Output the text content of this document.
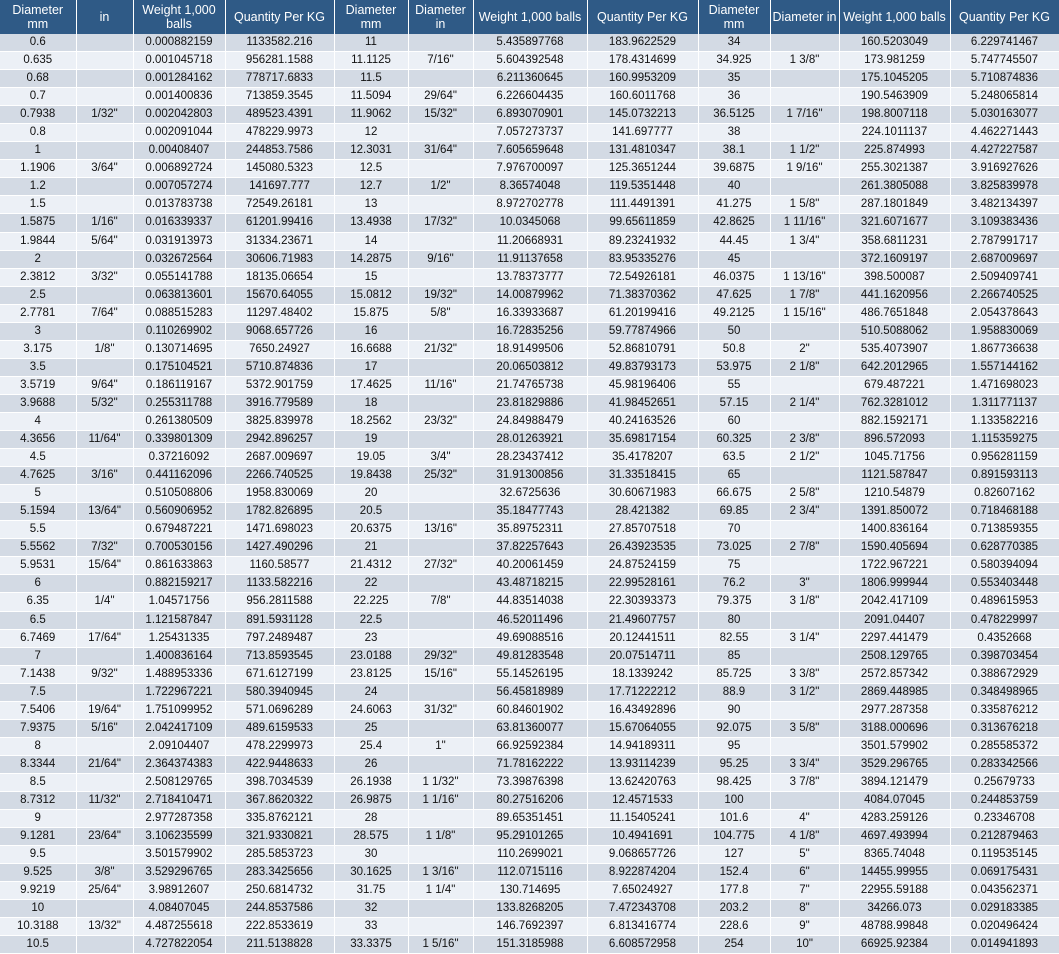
Diameter mm	in	Weight 1,000 balls	Quantity Per KG	Diameter mm	Diameter in	Weight 1,000 balls	Quantity Per KG	Diameter mm	Diameter in	Weight 1,000 balls	Quantity Per KG
0.6		0.000882159	1133582.216	11		5.435897768	183.9622529	34		160.5203049	6.229741467
0.635		0.001045718	956281.1588	11.1125	7/16"	5.604392548	178.4314699	34.925	1 3/8"	173.981259	5.747745507
0.68		0.001284162	778717.6833	11.5		6.211360645	160.9953209	35		175.1045205	5.710874836
0.7		0.001400836	713859.3545	11.5094	29/64"	6.226604435	160.6011768	36		190.5463909	5.248065814
0.7938	1/32"	0.002042803	489523.4391	11.9062	15/32"	6.893070901	145.0732213	36.5125	1 7/16"	198.8007118	5.030163077
0.8		0.002091044	478229.9973	12		7.057273737	141.697777	38		224.1011137	4.462271443
1		0.00408407	244853.7586	12.3031	31/64"	7.605659648	131.4810347	38.1	1 1/2"	225.874993	4.427227587
1.1906	3/64"	0.006892724	145080.5323	12.5		7.976700097	125.3651244	39.6875	1 9/16"	255.3021387	3.916927626
1.2		0.007057274	141697.777	12.7	1/2"	8.36574048	119.5351448	40		261.3805088	3.825839978
1.5		0.013783738	72549.26181	13		8.972702778	111.4491391	41.275	1 5/8"	287.1801849	3.482134397
1.5875	1/16"	0.016339337	61201.99416	13.4938	17/32"	10.0345068	99.65611859	42.8625	1 11/16"	321.6071677	3.109383436
1.9844	5/64"	0.031913973	31334.23671	14		11.20668931	89.23241932	44.45	1 3/4"	358.6811231	2.787991717
2		0.032672564	30606.71983	14.2875	9/16"	11.91137658	83.95335276	45		372.1609197	2.687009697
2.3812	3/32"	0.055141788	18135.06654	15		13.78373777	72.54926181	46.0375	1 13/16"	398.500087	2.509409741
2.5		0.063813601	15670.64055	15.0812	19/32"	14.00879962	71.38370362	47.625	1 7/8"	441.1620956	2.266740525
2.7781	7/64"	0.088515283	11297.48402	15.875	5/8"	16.33933687	61.20199416	49.2125	1 15/16"	486.7651848	2.054378643
3		0.110269902	9068.657726	16		16.72835256	59.77874966	50		510.5088062	1.958830069
3.175	1/8"	0.130714695	7650.24927	16.6688	21/32"	18.91499506	52.86810791	50.8	2"	535.4073907	1.867736638
3.5		0.175104521	5710.874836	17		20.06503812	49.83793173	53.975	2 1/8"	642.2012965	1.557144162
3.5719	9/64"	0.186119167	5372.901759	17.4625	11/16"	21.74765738	45.98196406	55		679.487221	1.471698023
3.9688	5/32"	0.255311788	3916.779589	18		23.81829886	41.98452651	57.15	2 1/4"	762.3281012	1.311771137
4		0.261380509	3825.839978	18.2562	23/32"	24.84988479	40.24163526	60		882.1592171	1.133582216
4.3656	11/64"	0.339801309	2942.896257	19		28.01263921	35.69817154	60.325	2 3/8"	896.572093	1.115359275
4.5		0.37216092	2687.009697	19.05	3/4"	28.23437412	35.4178207	63.5	2 1/2"	1045.71756	0.956281159
4.7625	3/16"	0.441162096	2266.740525	19.8438	25/32"	31.91300856	31.33518415	65		1121.587847	0.891593113
5		0.510508806	1958.830069	20		32.6725636	30.60671983	66.675	2 5/8"	1210.54879	0.82607162
5.1594	13/64"	0.560906952	1782.826895	20.5		35.18477743	28.421382	69.85	2 3/4"	1391.850072	0.718468188
5.5		0.679487221	1471.698023	20.6375	13/16"	35.89752311	27.85707518	70		1400.836164	0.713859355
5.5562	7/32"	0.700530156	1427.490296	21		37.82257643	26.43923535	73.025	2 7/8"	1590.405694	0.628770385
5.9531	15/64"	0.861633863	1160.58577	21.4312	27/32"	40.20061459	24.87524159	75		1722.967221	0.580394094
6		0.882159217	1133.582216	22		43.48718215	22.99528161	76.2	3"	1806.999944	0.553403448
6.35	1/4"	1.04571756	956.2811588	22.225	7/8"	44.83514038	22.30393373	79.375	3 1/8"	2042.417109	0.489615953
6.5		1.121587847	891.5931128	22.5		46.52011496	21.49607757	80		2091.04407	0.478229997
6.7469	17/64"	1.25431335	797.2489487	23		49.69088516	20.12441511	82.55	3 1/4"	2297.441479	0.4352668
7		1.400836164	713.8593545	23.0188	29/32"	49.81283548	20.07514711	85		2508.129765	0.398703454
7.1438	9/32"	1.488953336	671.6127199	23.8125	15/16"	55.14526195	18.1339242	85.725	3 3/8"	2572.857342	0.388672929
7.5		1.722967221	580.3940945	24		56.45818989	17.71222212	88.9	3 1/2"	2869.448985	0.348498965
7.5406	19/64"	1.751099952	571.0696289	24.6063	31/32"	60.84601902	16.43492896	90		2977.287358	0.335876212
7.9375	5/16"	2.042417109	489.6159533	25		63.81360077	15.67064055	92.075	3 5/8"	3188.000696	0.313676218
8		2.09104407	478.2299973	25.4	1"	66.92592384	14.94189311	95		3501.579902	0.285585372
8.3344	21/64"	2.364374383	422.9448633	26		71.78162222	13.93114239	95.25	3 3/4"	3529.296765	0.283342566
8.5		2.508129765	398.7034539	26.1938	1 1/32"	73.39876398	13.62420763	98.425	3 7/8"	3894.121479	0.25679733
8.7312	11/32"	2.718410471	367.8620322	26.9875	1 1/16"	80.27516206	12.4571533	100		4084.07045	0.244853759
9		2.977287358	335.8762121	28		89.65351451	11.15405241	101.6	4"	4283.259126	0.23346708
9.1281	23/64"	3.106235599	321.9330821	28.575	1 1/8"	95.29101265	10.4941691	104.775	4 1/8"	4697.493994	0.212879463
9.5		3.501579902	285.5853723	30		110.2699021	9.068657726	127	5"	8365.74048	0.119535145
9.525	3/8"	3.529296765	283.3425656	30.1625	1 3/16"	112.0715116	8.922874204	152.4	6"	14455.99955	0.069175431
9.9219	25/64"	3.98912607	250.6814732	31.75	1 1/4"	130.714695	7.65024927	177.8	7"	22955.59188	0.043562371
10		4.08407045	244.8537586	32		133.8268205	7.472343708	203.2	8"	34266.073	0.029183385
10.3188	13/32"	4.487255618	222.8533619	33		146.7692397	6.813416774	228.6	9"	48788.99848	0.020496424
10.5		4.727822054	211.5138828	33.3375	1 5/16"	151.3185988	6.608572958	254	10"	66925.92384	0.014941893
